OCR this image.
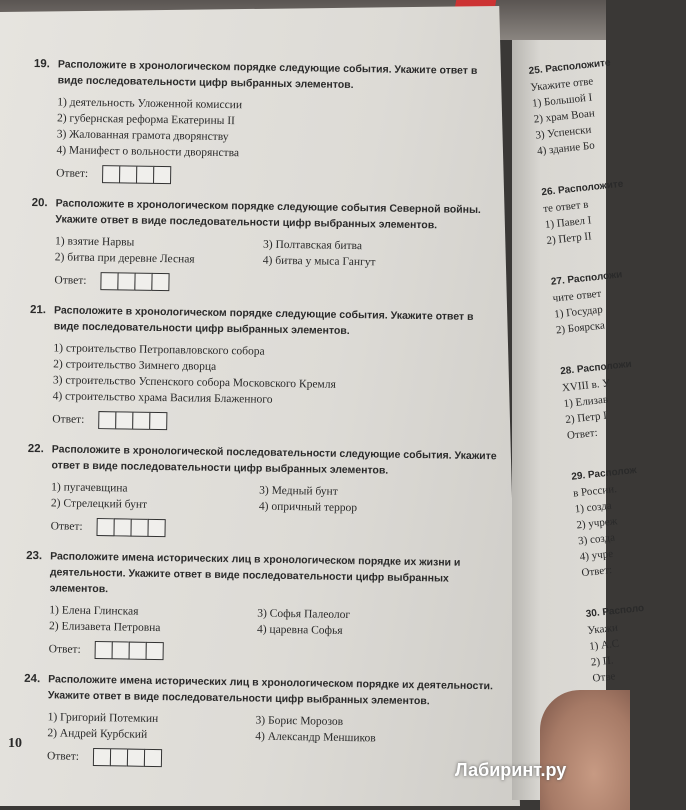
19. Расположите в хронологическом порядке следующие события. Укажите ответ в виде последовательности цифр выбранных элементов.
1) деятельность Уложенной комиссии
2) губернская реформа Екатерины II
3) Жалованная грамота дворянству
4) Манифест о вольности дворянства
Ответ:
20. Расположите в хронологическом порядке следующие события Северной войны. Укажите ответ в виде последовательности цифр выбранных элементов.
1) взятие Нарвы	3) Полтавская битва
2) битва при деревне Лесная	4) битва у мыса Гангут
Ответ:
21. Расположите в хронологическом порядке следующие события. Укажите ответ в виде последовательности цифр выбранных элементов.
1) строительство Петропавловского собора
2) строительство Зимнего дворца
3) строительство Успенского собора Московского Кремля
4) строительство храма Василия Блаженного
Ответ:
22. Расположите в хронологической последовательности следующие события. Укажите ответ в виде последовательности цифр выбранных элементов.
1) пугачевщина	3) Медный бунт
2) Стрелецкий бунт	4) опричный террор
Ответ:
23. Расположите имена исторических лиц в хронологическом порядке их жизни и деятельности. Укажите ответ в виде последовательности цифр выбранных элементов.
1) Елена Глинская	3) Софья Палеолог
2) Елизавета Петровна	4) царевна Софья
Ответ:
24. Расположите имена исторических лиц в хронологическом порядке их деятельности. Укажите ответ в виде последовательности цифр выбранных элементов.
1) Григорий Потемкин	3) Борис Морозов
2) Андрей Курбский	4) Александр Меншиков
Ответ:
10
25. Расположите
Укажите отве
1) Большой I
2) храм Воан
3) Успенски
4) здание Бо
26. Расположите
те ответ в
1) Павел I
2) Петр II
27. Расположи
чите ответ
1) Государ
2) Боярска
28. Расположи
XVIII в. У
1) Елизав
2) Петр I
Ответ:
29. Располож
в России.
1) созда
2) учреж
3) созда
4) учре
Ответ:
30. Располо
Укажи
1) А.С
2) П.
Отве
Лабиринт.ру
